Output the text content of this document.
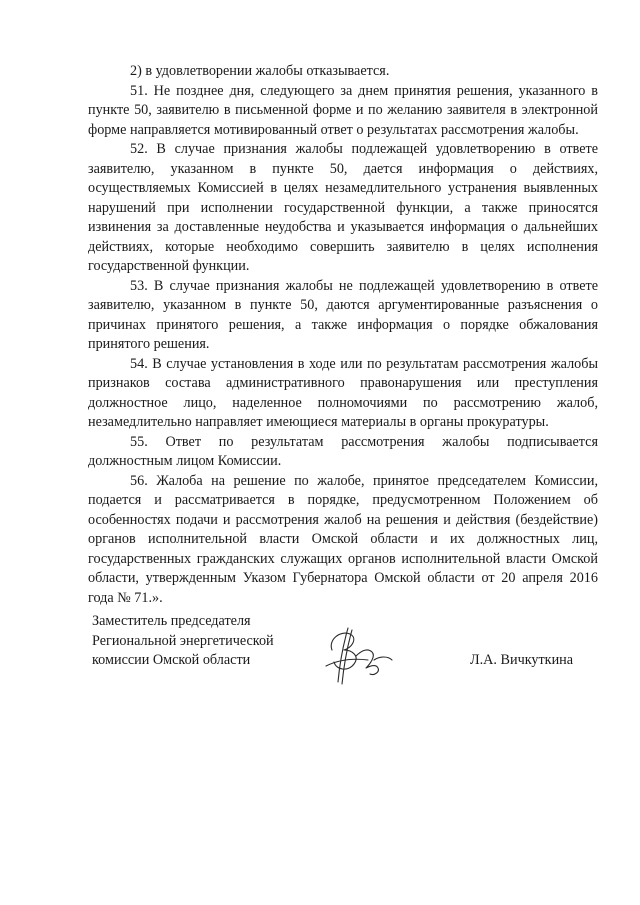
2) в удовлетворении жалобы отказывается.

51. Не позднее дня, следующего за днем принятия решения, указанного в пункте 50, заявителю в письменной форме и по желанию заявителя в электронной форме направляется мотивированный ответ о результатах рассмотрения жалобы.

52. В случае признания жалобы подлежащей удовлетворению в ответе заявителю, указанном в пункте 50, дается информация о действиях, осуществляемых Комиссией в целях незамедлительного устранения выявленных нарушений при исполнении государственной функции, а также приносятся извинения за доставленные неудобства и указывается информация о дальнейших действиях, которые необходимо совершить заявителю в целях исполнения государственной функции.

53. В случае признания жалобы не подлежащей удовлетворению в ответе заявителю, указанном в пункте 50, даются аргументированные разъяснения о причинах принятого решения, а также информация о порядке обжалования принятого решения.

54. В случае установления в ходе или по результатам рассмотрения жалобы признаков состава административного правонарушения или преступления должностное лицо, наделенное полномочиями по рассмотрению жалоб, незамедлительно направляет имеющиеся материалы в органы прокуратуры.

55. Ответ по результатам рассмотрения жалобы подписывается должностным лицом Комиссии.

56. Жалоба на решение по жалобе, принятое председателем Комиссии, подается и рассматривается в порядке, предусмотренном Положением об особенностях подачи и рассмотрения жалоб на решения и действия (бездействие) органов исполнительной власти Омской области и их должностных лиц, государственных гражданских служащих органов исполнительной власти Омской области, утвержденным Указом Губернатора Омской области от 20 апреля 2016 года № 71.».

Заместитель председателя
Региональной энергетической
комиссии Омской области	Л.А. Вичкуткина
